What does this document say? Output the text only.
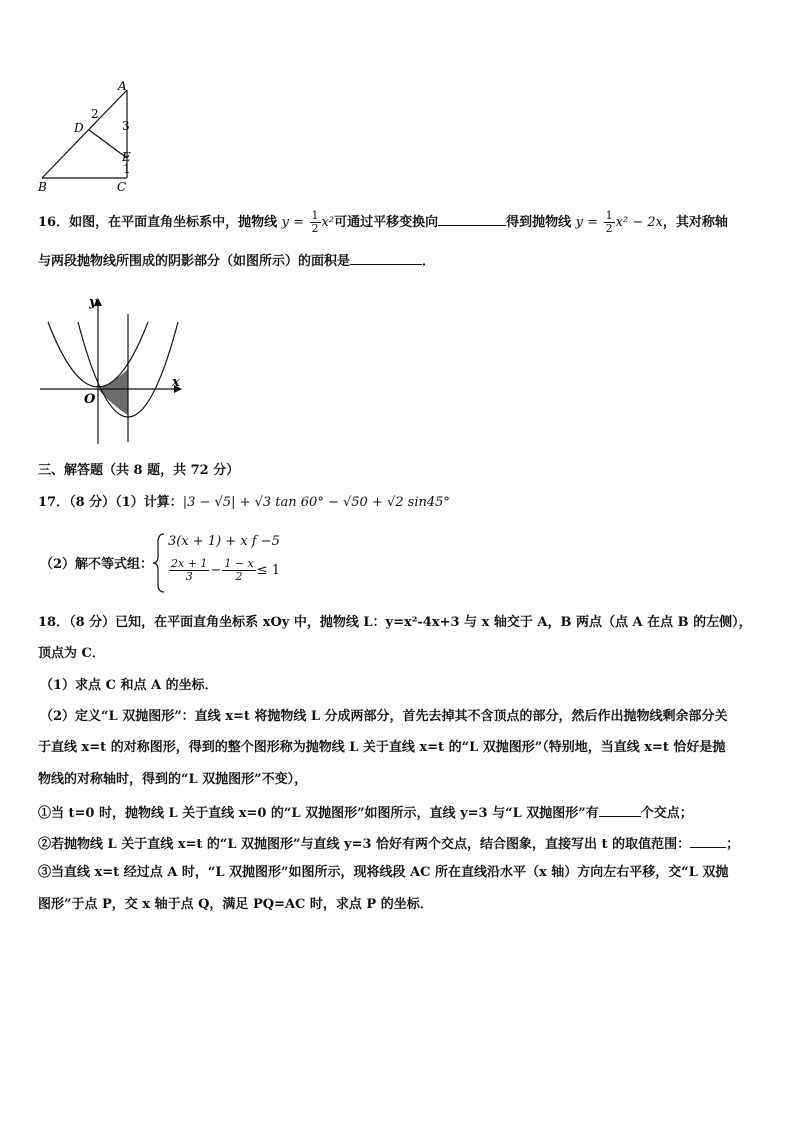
A
B	C
D
E
2
3
1
16．如图，在平面直角坐标系中，抛物线 $y = \frac{1}{2} x^2$可通过平移变换向	得到抛物线 $y = \frac{1}{2} x^2 - 2x$，其对称轴
与两段抛物线所围成的阴影部分（如图所示）的面积是	．
y
x
O
三、解答题（共 8 题，共 72 分）
17．（8 分）（1）计算：|3 − √5| + √3 tan 60° − √50 + √2 sin45°
（2）解不等式组：
3(x + 1) + x f −5
$\frac{2x + 1}{3} - \frac{1 - x}{2} \le 1$
18．（8 分）已知，在平面直角坐标系 xOy 中，抛物线 L：y=x²-4x+3 与 x 轴交于 A，B 两点（点 A 在点 B 的左侧），
顶点为 C．
（1）求点 C 和点 A 的坐标．
（2）定义“L 双抛图形”：直线 x=t 将抛物线 L 分成两部分，首先去掉其不含顶点的部分，然后作出抛物线剩余部分关
于直线 x=t 的对称图形，得到的整个图形称为抛物线 L 关于直线 x=t 的“L 双抛图形”（特别地，当直线 x=t 恰好是抛
物线的对称轴时，得到的“L 双抛图形”不变），
①当 t=0 时，抛物线 L 关于直线 x=0 的“L 双抛图形”如图所示，直线 y=3 与“L 双抛图形”有	个交点；
②若抛物线 L 关于直线 x=t 的“L 双抛图形”与直线 y=3 恰好有两个交点，结合图象，直接写出 t 的取值范围：	；
③当直线 x=t 经过点 A 时，“L 双抛图形”如图所示，现将线段 AC 所在直线沿水平（x 轴）方向左右平移，交“L 双抛
图形”于点 P，交 x 轴于点 Q，满足 PQ=AC 时，求点 P 的坐标．
